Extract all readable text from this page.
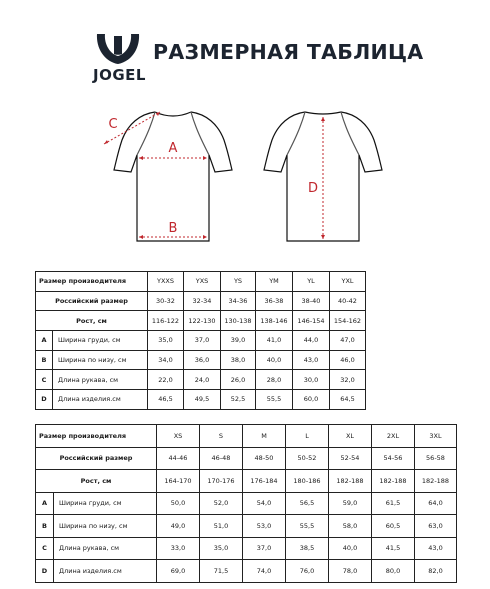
JOGEL
РАЗМЕРНАЯ ТАБЛИЦА
A
B
C
D
Размер производителя		YXXS	YXS	YS	YM	YL	YXL
Российский размер		30-32	32-34	34-36	36-38	38-40	40-42
Рост, см		116-122	122-130	130-138	138-146	146-154	154-162
A	Ширина груди, см	35,0	37,0	39,0	41,0	44,0	47,0
B	Ширина по низу, см	34,0	36,0	38,0	40,0	43,0	46,0
C	Длина рукава, см	22,0	24,0	26,0	28,0	30,0	32,0
D	Длина изделия.см	46,5	49,5	52,5	55,5	60,0	64,5
Размер производителя		XS	S	M	L	XL	2XL	3XL
Российский размер		44-46	46-48	48-50	50-52	52-54	54-56	56-58
Рост, см		164-170	170-176	176-184	180-186	182-188	182-188	182-188
A	Ширина груди, см	50,0	52,0	54,0	56,5	59,0	61,5	64,0
B	Ширина по низу, см	49,0	51,0	53,0	55,5	58,0	60,5	63,0
C	Длина рукава, см	33,0	35,0	37,0	38,5	40,0	41,5	43,0
D	Длина изделия.см	69,0	71,5	74,0	76,0	78,0	80,0	82,0
